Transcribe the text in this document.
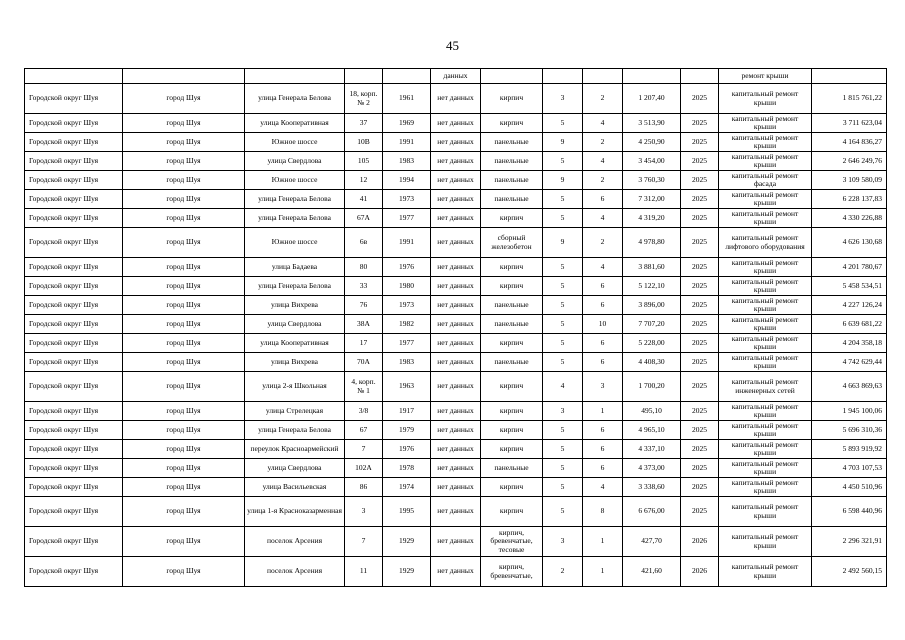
45

					данных						ремонт крыши	

Городской округ Шуя	город Шуя	улица Генерала Белова	18, корп. № 2	1961	нет данных	кирпич	3	2	1 207,40	2025	капитальный ремонт крыши	1 815 761,22
Городской округ Шуя	город Шуя	улица Кооперативная	37	1969	нет данных	кирпич	5	4	3 513,90	2025	капитальный ремонт крыши	3 711 623,04
Городской округ Шуя	город Шуя	Южное шоссе	10В	1991	нет данных	панельные	9	2	4 250,90	2025	капитальный ремонт крыши	4 164 836,27
Городской округ Шуя	город Шуя	улица Свердлова	105	1983	нет данных	панельные	5	4	3 454,00	2025	капитальный ремонт крыши	2 646 249,76
Городской округ Шуя	город Шуя	Южное шоссе	12	1994	нет данных	панельные	9	2	3 760,30	2025	капитальный ремонт фасада	3 109 580,09
Городской округ Шуя	город Шуя	улица Генерала Белова	41	1973	нет данных	панельные	5	6	7 312,00	2025	капитальный ремонт крыши	6 228 137,83
Городской округ Шуя	город Шуя	улица Генерала Белова	67А	1977	нет данных	кирпич	5	4	4 319,20	2025	капитальный ремонт крыши	4 330 226,88
Городской округ Шуя	город Шуя	Южное шоссе	6в	1991	нет данных	сборный железобетон	9	2	4 978,80	2025	капитальный ремонт лифтового оборудования	4 626 130,68
Городской округ Шуя	город Шуя	улица Бадаева	80	1976	нет данных	кирпич	5	4	3 881,60	2025	капитальный ремонт крыши	4 201 780,67
Городской округ Шуя	город Шуя	улица Генерала Белова	33	1980	нет данных	кирпич	5	6	5 122,10	2025	капитальный ремонт крыши	5 458 534,51
Городской округ Шуя	город Шуя	улица Вихрева	76	1973	нет данных	панельные	5	6	3 896,00	2025	капитальный ремонт крыши	4 227 126,24
Городской округ Шуя	город Шуя	улица Свердлова	38А	1982	нет данных	панельные	5	10	7 707,20	2025	капитальный ремонт крыши	6 639 681,22
Городской округ Шуя	город Шуя	улица Кооперативная	17	1977	нет данных	кирпич	5	6	5 228,00	2025	капитальный ремонт крыши	4 204 358,18
Городской округ Шуя	город Шуя	улица Вихрева	70А	1983	нет данных	панельные	5	6	4 408,30	2025	капитальный ремонт крыши	4 742 629,44
Городской округ Шуя	город Шуя	улица 2-я Школьная	4, корп. № 1	1963	нет данных	кирпич	4	3	1 700,20	2025	капитальный ремонт инженерных сетей	4 663 869,63
Городской округ Шуя	город Шуя	улица Стрелецкая	3/8	1917	нет данных	кирпич	3	1	495,10	2025	капитальный ремонт крыши	1 945 100,06
Городской округ Шуя	город Шуя	улица Генерала Белова	67	1979	нет данных	кирпич	5	6	4 965,10	2025	капитальный ремонт крыши	5 696 310,36
Городской округ Шуя	город Шуя	переулок Красноармейский	7	1976	нет данных	кирпич	5	6	4 337,10	2025	капитальный ремонт крыши	5 893 919,92
Городской округ Шуя	город Шуя	улица Свердлова	102А	1978	нет данных	панельные	5	6	4 373,00	2025	капитальный ремонт крыши	4 703 107,53
Городской округ Шуя	город Шуя	улица Васильевская	86	1974	нет данных	кирпич	5	4	3 338,60	2025	капитальный ремонт крыши	4 450 510,96
Городской округ Шуя	город Шуя	улица 1-я Красноказарменная	3	1995	нет данных	кирпич	5	8	6 676,00	2025	капитальный ремонт крыши	6 598 440,96
Городской округ Шуя	город Шуя	поселок Арсения	7	1929	нет данных	кирпич, бревенчатые, тесовые	3	1	427,70	2026	капитальный ремонт крыши	2 296 321,91
Городской округ Шуя	город Шуя	поселок Арсения	11	1929	нет данных	кирпич, бревенчатые,	2	1	421,60	2026	капитальный ремонт крыши	2 492 560,15
